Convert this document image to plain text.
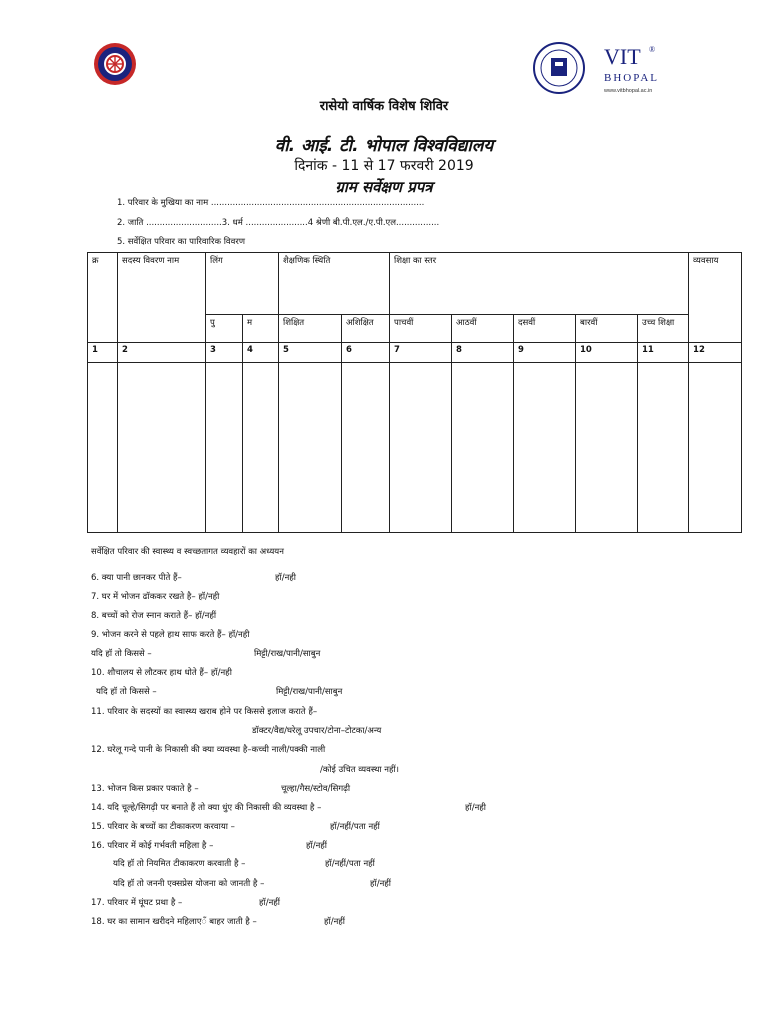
VIT ®
BHOPAL
www.vitbhopal.ac.in
रासेयो वार्षिक विशेष शिविर
वी. आई. टी. भोपाल विश्वविद्यालय
दिनांक - 11 से 17 फरवरी 2019
ग्राम सर्वेक्षण प्रपत्र
1. परिवार के मुखिया का नाम ...............................................................................
2. जाति ............................3. धर्म .......................4 श्रेणी बी.पी.एल./ए.पी.एल................
5. सर्वेक्षित परिवार का पारिवारिक विवरण
क्र	सदस्य विवरण नाम	लिंग		शैक्षणिक स्थिति		शिक्षा का स्तर					व्यवसाय
		पु	म	शिक्षित	अशिक्षित	पाचवीं	आठवीं	दसवीं	बारवीं	उच्च शिक्षा	
1	2	3	4	5	6	7	8	9	10	11	12

सर्वेक्षित परिवार की स्वास्थ्य व स्वच्छतागत व्यवहारों का अध्ययन
6. क्या पानी छानकर पीते हैं–	हॉ/नही
7. घर में भोजन ढॉककर रखते है– हॉ/नही
8. बच्चों को रोज स्नान कराते हैं– हॉ/नहीं
9. भोजन करने से पहले हाथ साफ करते हैं– हॉ/नही
यदि हॉ तो किससे –	मिट्टी/राख/पानी/साबुन
10. शौचालय से लौटकर हाथ धोते हैं– हॉ/नही
यदि हॉ तो किससे –	मिट्टी/राख/पानी/साबुन
11. परिवार के सदस्यों का स्वास्थ्य खराब होने पर किससे इलाज कराते हैं–
डॉक्टर/वैद्य/घरेलू उपचार/टोना–टोटका/अन्य
12. घरेलू गन्दे पानी के निकासी की क्या व्यवस्था है–कच्ची नाली/पक्की नाली
/कोई उचित व्यवस्था नहीं।
13. भोजन किस प्रकार पकाते है –	चूल्हा/गैस/स्टोव/सिगढ़ी
14. यदि चूल्हे/सिगढ़ी पर बनाते हैं तो क्या धुंए की निकासी की व्यवस्था है –	हॉ/नही
15. परिवार के बच्चों का टीकाकरण करवाया –	हॉ/नहीं/पता नहीं
16. परिवार में कोई गर्भवती महिला है –	हॉ/नहीं
यदि हॉ तो नियमित टीकाकरण करवाती है –	हॉ/नहीं/पता नहीं
यदि हॉ तो जननी एक्सप्रेस योजना को जानती है –	हॉ/नहीं
17. परिवार में घूंघट प्रथा है –	हॉ/नहीं
18. घर का सामान खरीदने महिलाएॅं बाहर जाती है –	हॉ/नहीं
